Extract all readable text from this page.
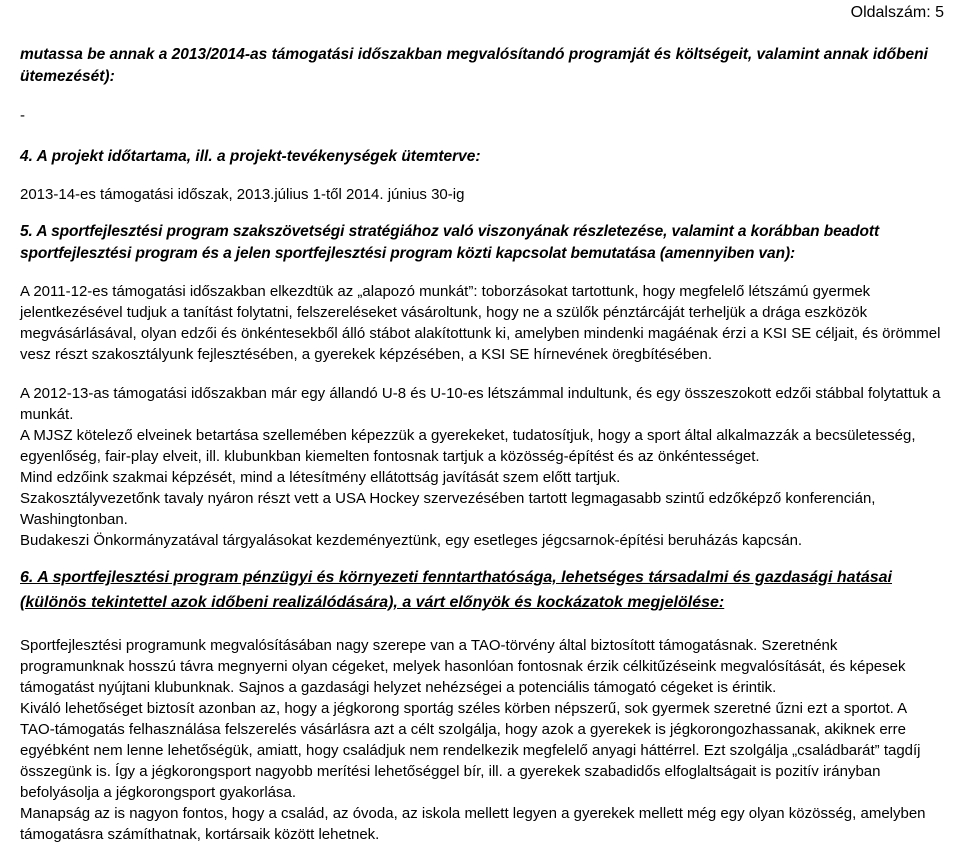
Oldalszám: 5

mutassa be annak a 2013/2014-as támogatási időszakban megvalósítandó programját és költségeit, valamint annak időbeni ütemezését):

-

4. A projekt időtartama, ill. a projekt-tevékenységek ütemterve:

2013-14-es támogatási időszak, 2013.július 1-től 2014. június 30-ig

5. A sportfejlesztési program szakszövetségi stratégiához való viszonyának részletezése, valamint a korábban beadott sportfejlesztési program és a jelen sportfejlesztési program közti kapcsolat bemutatása (amennyiben van):

A 2011-12-es támogatási időszakban elkezdtük az „alapozó munkát”: toborzásokat tartottunk, hogy megfelelő létszámú gyermek jelentkezésével tudjuk a tanítást folytatni, felszereléseket vásároltunk, hogy ne a szülők pénztárcáját terheljük a drága eszközök megvásárlásával, olyan edzői és önkéntesekből álló stábot alakítottunk ki, amelyben mindenki magáénak érzi a KSI SE céljait, és örömmel vesz részt szakosztályunk fejlesztésében, a gyerekek képzésében, a KSI SE hírnevének öregbítésében.

A 2012-13-as támogatási időszakban már egy állandó U-8 és U-10-es létszámmal indultunk, és egy összeszokott edzői stábbal folytattuk a munkát.

A MJSZ kötelező elveinek betartása szellemében képezzük a gyerekeket, tudatosítjuk, hogy a sport által alkalmazzák a becsületesség, egyenlőség, fair-play elveit, ill. klubunkban kiemelten fontosnak tartjuk a közösség-építést és az önkéntességet.

Mind edzőink szakmai képzését, mind a létesítmény ellátottság javítását szem előtt tartjuk.

Szakosztályvezetőnk tavaly nyáron részt vett a USA Hockey szervezésében tartott legmagasabb szintű edzőképző konferencián, Washingtonban.

Budakeszi Önkormányzatával tárgyalásokat kezdeményeztünk, egy esetleges jégcsarnok-építési beruházás kapcsán.

6. A sportfejlesztési program pénzügyi és környezeti fenntarthatósága, lehetséges társadalmi és gazdasági hatásai (különös tekintettel azok időbeni realizálódására), a várt előnyök és kockázatok megjelölése:

Sportfejlesztési programunk megvalósításában nagy szerepe van a TAO-törvény által biztosított támogatásnak. Szeretnénk programunknak hosszú távra megnyerni olyan cégeket, melyek hasonlóan fontosnak érzik célkitűzéseink megvalósítását, és képesek támogatást nyújtani klubunknak. Sajnos a gazdasági helyzet nehézségei a potenciális támogató cégeket is érintik.

Kiváló lehetőséget biztosít azonban az, hogy a jégkorong sportág széles körben népszerű, sok gyermek szeretné űzni ezt a sportot. A TAO-támogatás felhasználása felszerelés vásárlásra azt a célt szolgálja, hogy azok a gyerekek is jégkorongozhassanak, akiknek erre egyébként nem lenne lehetőségük, amiatt, hogy családjuk nem rendelkezik megfelelő anyagi háttérrel. Ezt szolgálja „családbarát” tagdíj összegünk is. Így a jégkorongsport nagyobb merítési lehetőséggel bír, ill. a gyerekek szabadidős elfoglaltságait is pozitív irányban befolyásolja a jégkorongsport gyakorlása.

Manapság az is nagyon fontos, hogy a család, az óvoda, az iskola mellett legyen a gyerekek mellett még egy olyan közösség, amelyben támogatásra számíthatnak, kortársaik között lehetnek.
